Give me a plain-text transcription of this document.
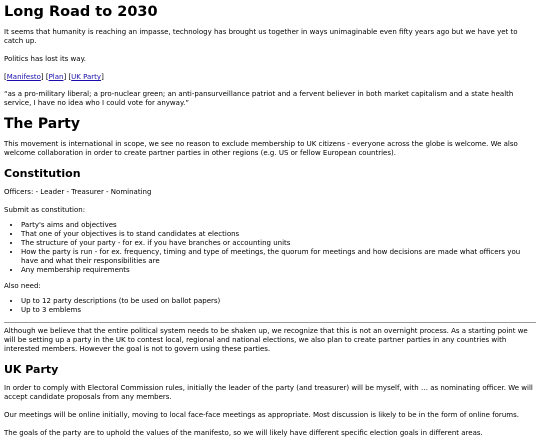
Long Road to 2030

It seems that humanity is reaching an impasse, technology has brought us together in ways unimaginable even fifty years ago but we have yet to catch up.

Politics has lost its way.

[Manifesto] [Plan] [UK Party]
“as a pro-military liberal; a pro-nuclear green; an anti-pansurveillance patriot and a fervent believer in both market capitalism and a state health service, I have no idea who I could vote for anyway.”
The Party

This movement is international in scope, we see no reason to exclude membership to UK citizens - everyone across the globe is welcome. We also welcome collaboration in order to create partner parties in other regions (e.g. US or fellow European countries).

Constitution

Officers: - Leader - Treasurer - Nominating

Submit as constitution:

• Party's aims and objectives
• That one of your objectives is to stand candidates at elections
• The structure of your party - for ex. if you have branches or accounting units
• How the party is run - for ex. frequency, timing and type of meetings, the quorum for meetings and how decisions are made what officers you have and what their responsibilities are
• Any membership requirements

Also need:

• Up to 12 party descriptions (to be used on ballot papers)
• Up to 3 emblems

Although we believe that the entire political system needs to be shaken up, we recognize that this is not an overnight process. As a starting point we will be setting up a party in the UK to contest local, regional and national elections, we also plan to create partner parties in any countries with interested members. However the goal is not to govern using these parties.

UK Party

In order to comply with Electoral Commission rules, initially the leader of the party (and treasurer) will be myself, with … as nominating officer. We will accept candidate proposals from any members.

Our meetings will be online initially, moving to local face-face meetings as appropriate. Most discussion is likely to be in the form of online forums.

The goals of the party are to uphold the values of the manifesto, so we will likely have different specific election goals in different areas.
